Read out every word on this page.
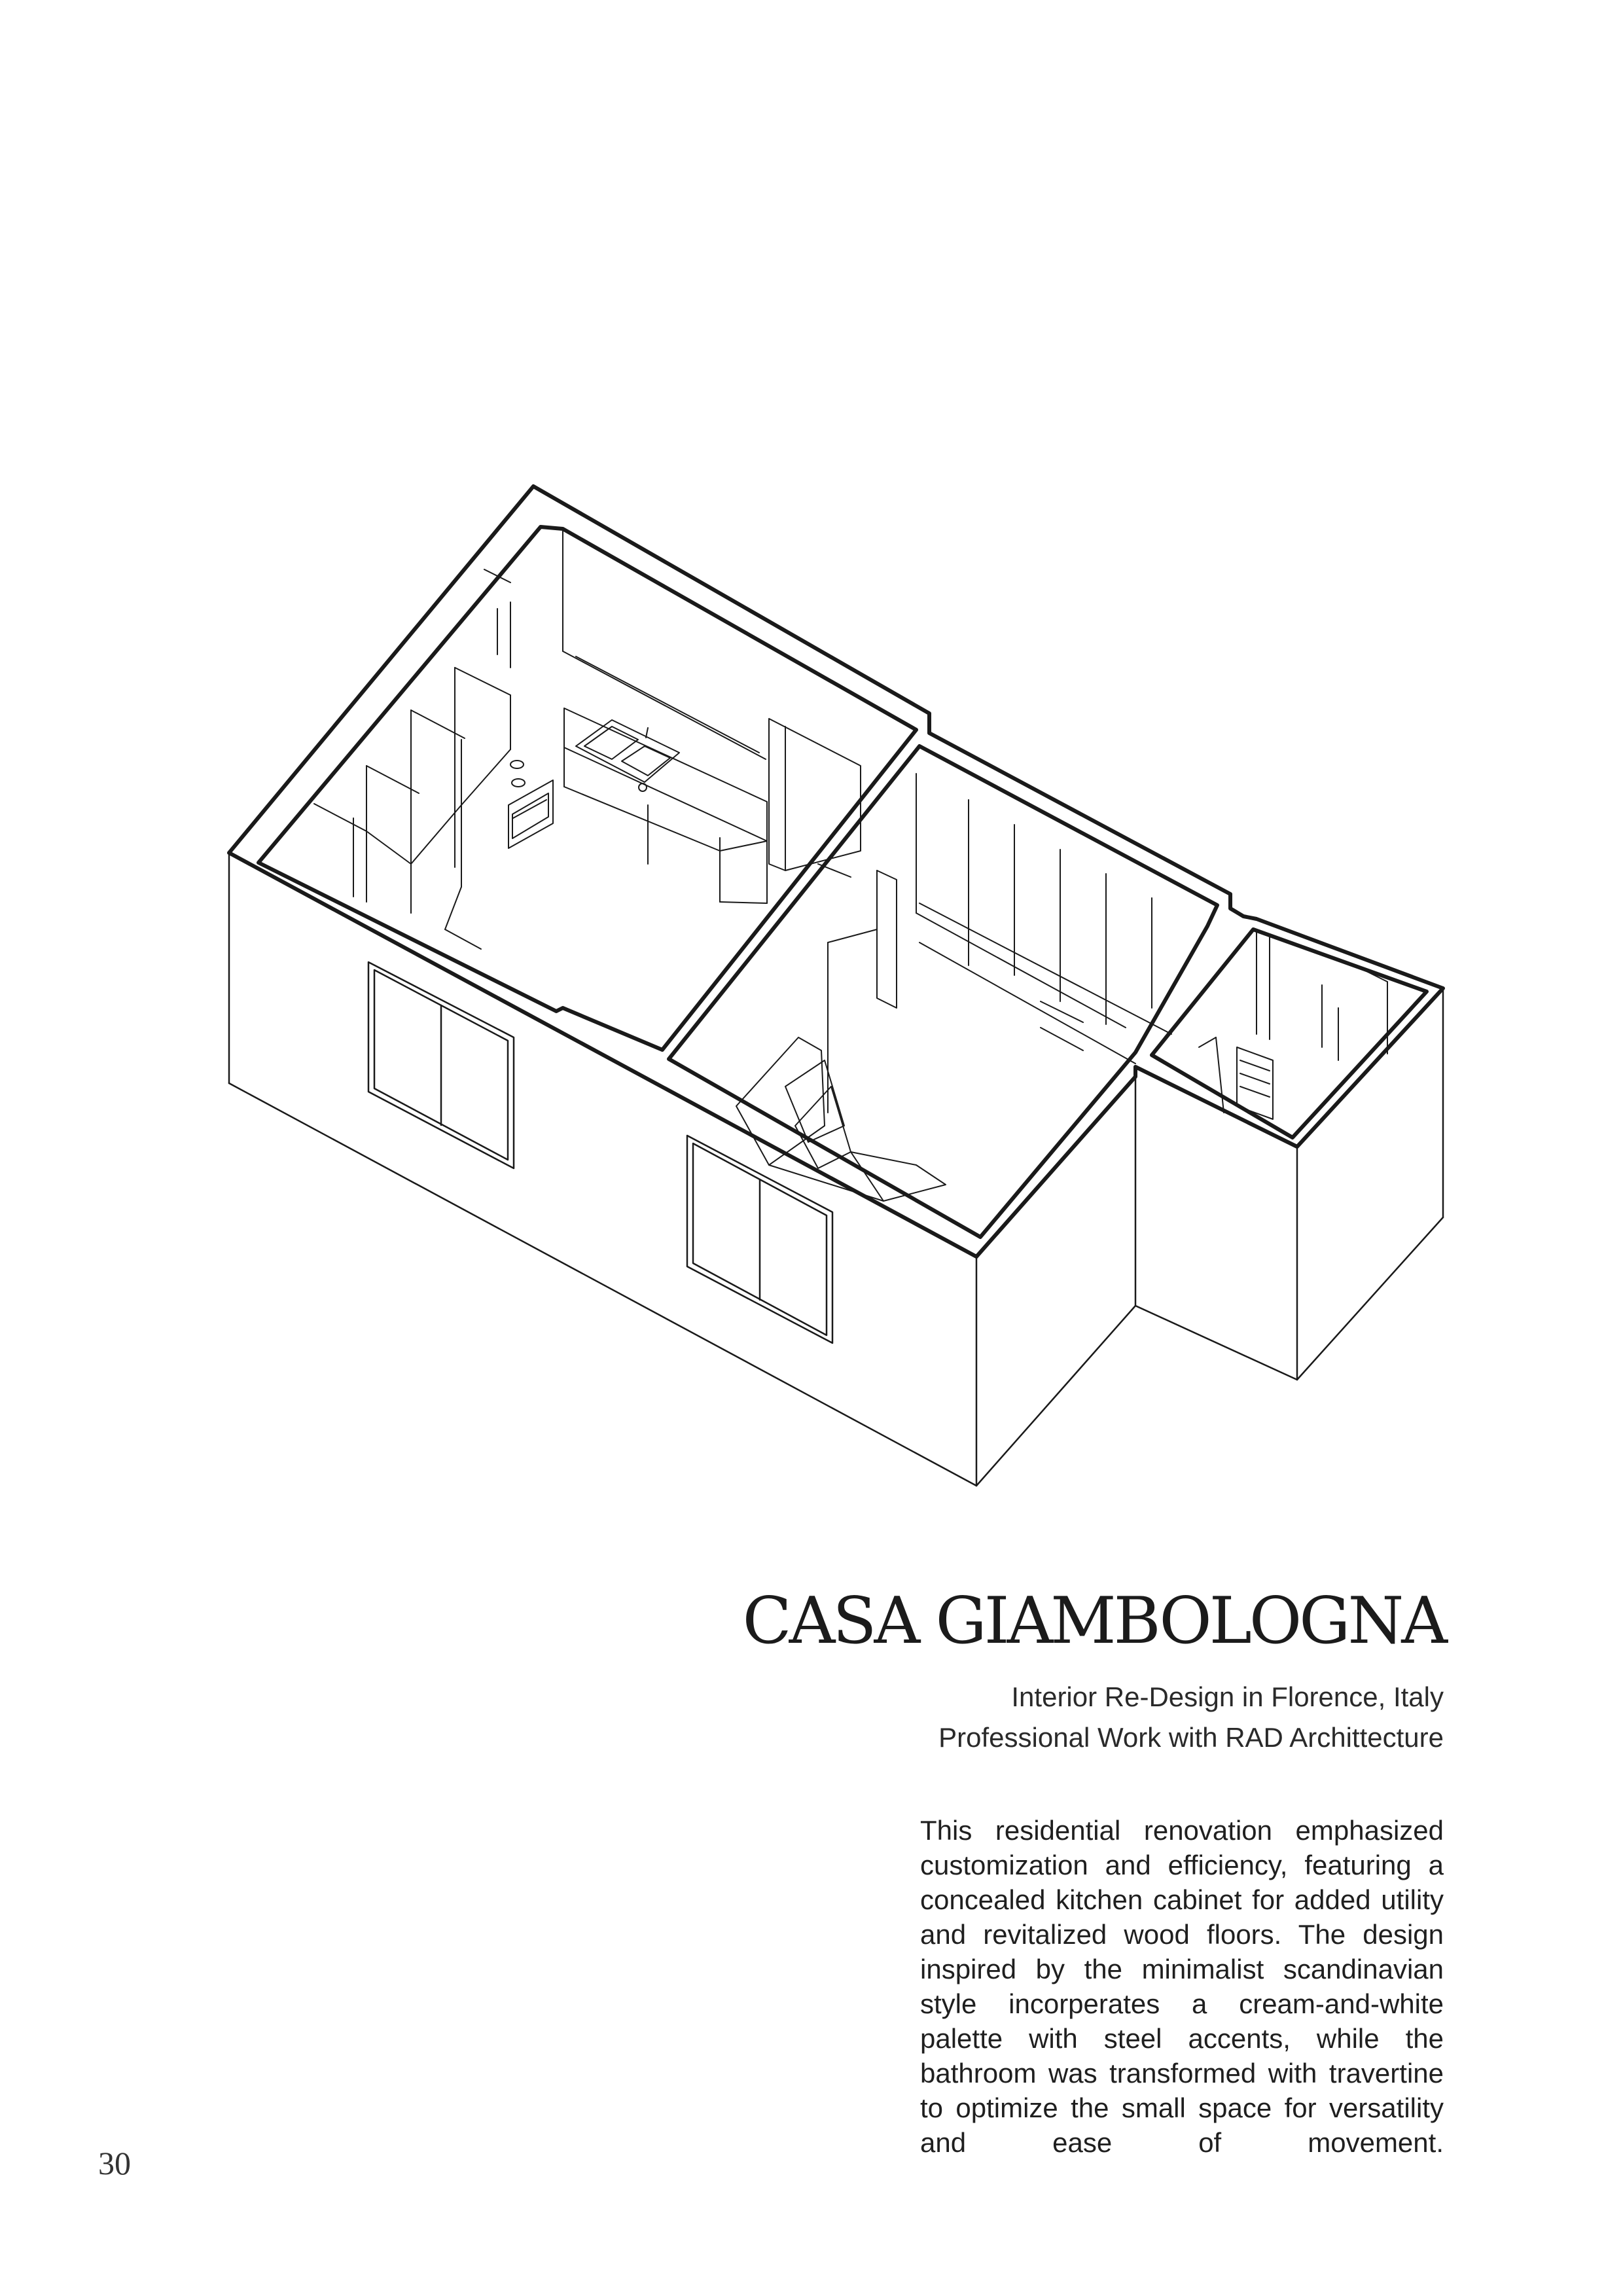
CASA GIAMBOLOGNA
Interior Re-Design in Florence, Italy
Professional Work with RAD Archittecture

This residential renovation emphasized customization and efficiency, featuring a concealed kitchen cabinet for added utility and revitalized wood floors. The design inspired by the minimalist scandinavian style incorperates a cream-and-white palette with steel accents, while the bathroom was transformed with travertine to optimize the small space for versatility and ease of movement.

30
